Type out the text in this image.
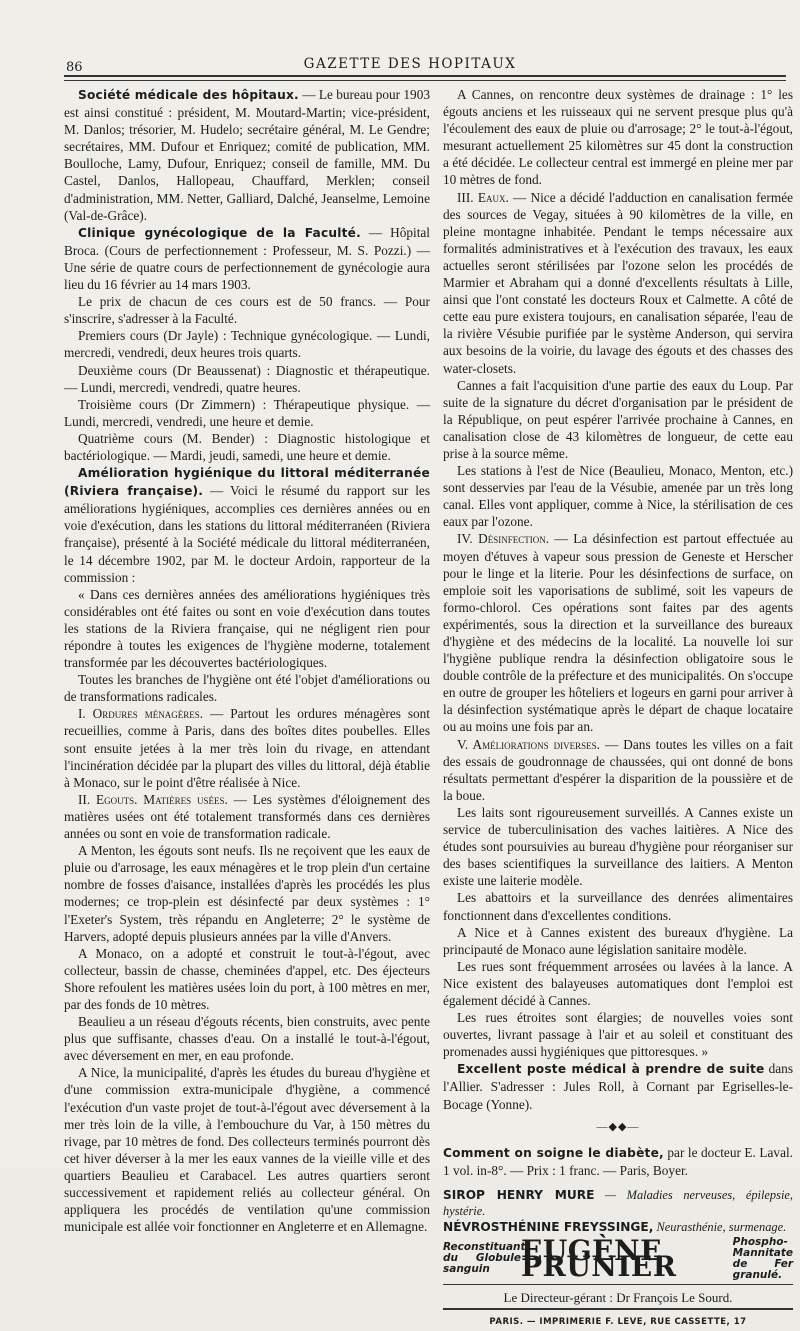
86	GAZETTE DES HOPITAUX

Société médicale des hôpitaux. — Le bureau pour 1903 est ainsi constitué : président, M. Moutard-Martin; vice-président, M. Danlos; trésorier, M. Hudelo; secrétaire général, M. Le Gendre; secrétaires, MM. Dufour et Enriquez; comité de publication, MM. Boulloche, Lamy, Dufour, Enriquez; conseil de famille, MM. Du Castel, Danlos, Hallopeau, Chauffard, Merklen; conseil d'administration, MM. Netter, Galliard, Dalché, Jeanselme, Lemoine (Val-de-Grâce).

Clinique gynécologique de la Faculté. — Hôpital Broca. (Cours de perfectionnement : Professeur, M. S. Pozzi.) — Une série de quatre cours de perfectionnement de gynécologie aura lieu du 16 février au 14 mars 1903.

Le prix de chacun de ces cours est de 50 francs. — Pour s'inscrire, s'adresser à la Faculté.

Premiers cours (Dr Jayle) : Technique gynécologique. — Lundi, mercredi, vendredi, deux heures trois quarts.

Deuxième cours (Dr Beaussenat) : Diagnostic et thérapeutique. — Lundi, mercredi, vendredi, quatre heures.

Troisième cours (Dr Zimmern) : Thérapeutique physique. — Lundi, mercredi, vendredi, une heure et demie.

Quatrième cours (M. Bender) : Diagnostic histologique et bactériologique. — Mardi, jeudi, samedi, une heure et demie.

Amélioration hygiénique du littoral méditerranée (Riviera française). — Voici le résumé du rapport sur les améliorations hygiéniques, accomplies ces dernières années ou en voie d'exécution, dans les stations du littoral méditerranéen (Riviera française), présenté à la Société médicale du littoral méditerranéen, le 14 décembre 1902, par M. le docteur Ardoin, rapporteur de la commission :

« Dans ces dernières années des améliorations hygiéniques très considérables ont été faites ou sont en voie d'exécution dans toutes les stations de la Riviera française, qui ne négligent rien pour répondre à toutes les exigences de l'hygiène moderne, totalement transformée par les découvertes bactériologiques.

Toutes les branches de l'hygiène ont été l'objet d'améliorations ou de transformations radicales.

I. Ordures ménagères. — Partout les ordures ménagères sont recueillies, comme à Paris, dans des boîtes dites poubelles. Elles sont ensuite jetées à la mer très loin du rivage, en attendant l'incinération décidée par la plupart des villes du littoral, déjà établie à Monaco, sur le point d'être réalisée à Nice.

II. Egouts. Matières usées. — Les systèmes d'éloignement des matières usées ont été totalement transformés dans ces dernières années ou sont en voie de transformation radicale.

A Menton, les égouts sont neufs. Ils ne reçoivent que les eaux de pluie ou d'arrosage, les eaux ménagères et le trop plein d'un certaine nombre de fosses d'aisance, installées d'après les procédés les plus modernes; ce trop-plein est désinfecté par deux systèmes : 1° l'Exeter's System, très répandu en Angleterre; 2° le système de Harvers, adopté depuis plusieurs années par la ville d'Anvers.

A Monaco, on a adopté et construit le tout-à-l'égout, avec collecteur, bassin de chasse, cheminées d'appel, etc. Des éjecteurs Shore refoulent les matières usées loin du port, à 100 mètres en mer, par des fonds de 10 mètres.

Beaulieu a un réseau d'égouts récents, bien construits, avec pente plus que suffisante, chasses d'eau. On a installé le tout-à-l'égout, avec déversement en mer, en eau profonde.

A Nice, la municipalité, d'après les études du bureau d'hygiène et d'une commission extra-municipale d'hygiène, a commencé l'exécution d'un vaste projet de tout-à-l'égout avec déversement à la mer très loin de la ville, à l'embouchure du Var, à 150 mètres du rivage, par 10 mètres de fond. Des collecteurs terminés pourront dès cet hiver déverser à la mer les eaux vannes de la vieille ville et des quartiers Beaulieu et Carabacel. Les autres quartiers seront successivement et rapidement reliés au collecteur général. On appliquera les procédés de ventilation qu'une commission municipale est allée voir fonctionner en Angleterre et en Allemagne.

A Cannes, on rencontre deux systèmes de drainage : 1° les égouts anciens et les ruisseaux qui ne servent presque plus qu'à l'écoulement des eaux de pluie ou d'arrosage; 2° le tout-à-l'égout, mesurant actuellement 25 kilomètres sur 45 dont la construction a été décidée. Le collecteur central est immergé en pleine mer par 10 mètres de fond.

III. Eaux. — Nice a décidé l'adduction en canalisation fermée des sources de Vegay, situées à 90 kilomètres de la ville, en pleine montagne inhabitée. Pendant le temps nécessaire aux formalités administratives et à l'exécution des travaux, les eaux actuelles seront stérilisées par l'ozone selon les procédés de Marmier et Abraham qui a donné d'excellents résultats à Lille, ainsi que l'ont constaté les docteurs Roux et Calmette. A côté de cette eau pure existera toujours, en canalisation séparée, l'eau de la rivière Vésubie purifiée par le système Anderson, qui servira aux besoins de la voirie, du lavage des égouts et des chasses des water-closets.

Cannes a fait l'acquisition d'une partie des eaux du Loup. Par suite de la signature du décret d'organisation par le président de la République, on peut espérer l'arrivée prochaine à Cannes, en canalisation close de 43 kilomètres de longueur, de cette eau prise à la source même.

Les stations à l'est de Nice (Beaulieu, Monaco, Menton, etc.) sont desservies par l'eau de la Vésubie, amenée par un très long canal. Elles vont appliquer, comme à Nice, la stérilisation de ces eaux par l'ozone.

IV. Désinfection. — La désinfection est partout effectuée au moyen d'étuves à vapeur sous pression de Geneste et Herscher pour le linge et la literie. Pour les désinfections de surface, on emploie soit les vaporisations de sublimé, soit les vapeurs de formo-chlorol. Ces opérations sont faites par des agents expérimentés, sous la direction et la surveillance des bureaux d'hygiène et des médecins de la localité. La nouvelle loi sur l'hygiène publique rendra la désinfection obligatoire sous le double contrôle de la préfecture et des municipalités. On s'occupe en outre de grouper les hôteliers et logeurs en garni pour arriver à la désinfection systématique après le départ de chaque locataire ou au moins une fois par an.

V. Améliorations diverses. — Dans toutes les villes on a fait des essais de goudronnage de chaussées, qui ont donné de bons résultats permettant d'espérer la disparition de la poussière et de la boue.

Les laits sont rigoureusement surveillés. A Cannes existe un service de tuberculinisation des vaches laitières. A Nice des études sont poursuivies au bureau d'hygiène pour réorganiser sur des bases scientifiques la surveillance des laitiers. A Menton existe une laiterie modèle.

Les abattoirs et la surveillance des denrées alimentaires fonctionnent dans d'excellentes conditions.

A Nice et à Cannes existent des bureaux d'hygiène. La principauté de Monaco aune législation sanitaire modèle.

Les rues sont fréquemment arrosées ou lavées à la lance. A Nice existent des balayeuses automatiques dont l'emploi est également décidé à Cannes.

Les rues étroites sont élargies; de nouvelles voies sont ouvertes, livrant passage à l'air et au soleil et constituant des promenades aussi hygiéniques que pittoresques. »

Excellent poste médical à prendre de suite dans l'Allier. S'adresser : Jules Roll, à Cornant par Egriselles-le-Bocage (Yonne).

—◆◆—

Comment on soigne le diabète, par le docteur E. Laval. 1 vol. in-8°. — Prix : 1 franc. — Paris, Boyer.

SIROP HENRY MURE — Maladies nerveuses, épilepsie, hystérie.
NÉVROSTHÉNINE FREYSSINGE, Neurasthénie, surmenage.
Reconstituant du Globule sanguin
EUGÈNE PRUNIER
Phospho-Mannitate de Fer granulé.
Le Directeur-gérant : Dr François Le Sourd.
PARIS. — IMPRIMERIE F. LEVE, RUE CASSETTE, 17
